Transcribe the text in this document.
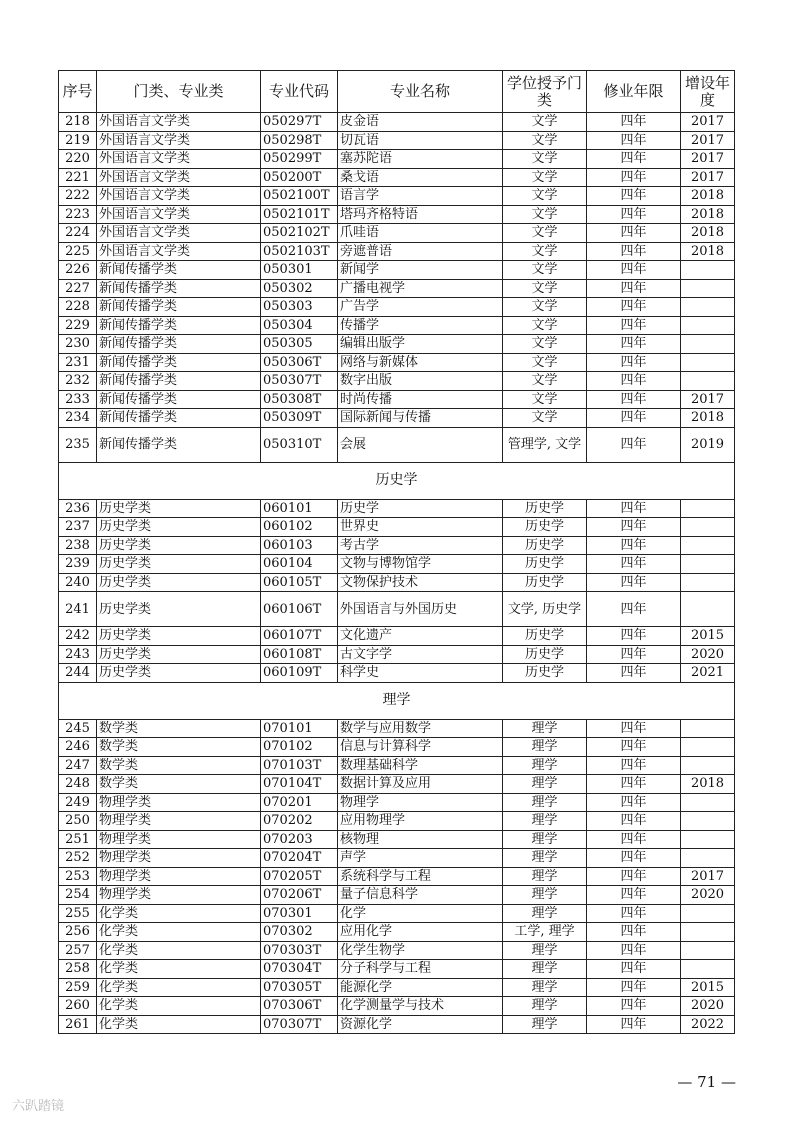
序号	门类、专业类	专业代码	专业名称	学位授予门类	修业年限	增设年度
218	外国语言文学类	050297T	皮金语	文学	四年	2017
219	外国语言文学类	050298T	切瓦语	文学	四年	2017
220	外国语言文学类	050299T	塞苏陀语	文学	四年	2017
221	外国语言文学类	050200T	桑戈语	文学	四年	2017
222	外国语言文学类	0502100T	语言学	文学	四年	2018
223	外国语言文学类	0502101T	塔玛齐格特语	文学	四年	2018
224	外国语言文学类	0502102T	爪哇语	文学	四年	2018
225	外国语言文学类	0502103T	旁遮普语	文学	四年	2018
226	新闻传播学类	050301	新闻学	文学	四年	
227	新闻传播学类	050302	广播电视学	文学	四年	
228	新闻传播学类	050303	广告学	文学	四年	
229	新闻传播学类	050304	传播学	文学	四年	
230	新闻传播学类	050305	编辑出版学	文学	四年	
231	新闻传播学类	050306T	网络与新媒体	文学	四年	
232	新闻传播学类	050307T	数字出版	文学	四年	
233	新闻传播学类	050308T	时尚传播	文学	四年	2017
234	新闻传播学类	050309T	国际新闻与传播	文学	四年	2018
235	新闻传播学类	050310T	会展	管理学, 文学	四年	2019
历史学						
236	历史学类	060101	历史学	历史学	四年	
237	历史学类	060102	世界史	历史学	四年	
238	历史学类	060103	考古学	历史学	四年	
239	历史学类	060104	文物与博物馆学	历史学	四年	
240	历史学类	060105T	文物保护技术	历史学	四年	
241	历史学类	060106T	外国语言与外国历史	文学, 历史学	四年	
242	历史学类	060107T	文化遗产	历史学	四年	2015
243	历史学类	060108T	古文字学	历史学	四年	2020
244	历史学类	060109T	科学史	历史学	四年	2021
理学						
245	数学类	070101	数学与应用数学	理学	四年	
246	数学类	070102	信息与计算科学	理学	四年	
247	数学类	070103T	数理基础科学	理学	四年	
248	数学类	070104T	数据计算及应用	理学	四年	2018
249	物理学类	070201	物理学	理学	四年	
250	物理学类	070202	应用物理学	理学	四年	
251	物理学类	070203	核物理	理学	四年	
252	物理学类	070204T	声学	理学	四年	
253	物理学类	070205T	系统科学与工程	理学	四年	2017
254	物理学类	070206T	量子信息科学	理学	四年	2020
255	化学类	070301	化学	理学	四年	
256	化学类	070302	应用化学	工学, 理学	四年	
257	化学类	070303T	化学生物学	理学	四年	
258	化学类	070304T	分子科学与工程	理学	四年	
259	化学类	070305T	能源化学	理学	四年	2015
260	化学类	070306T	化学测量学与技术	理学	四年	2020
261	化学类	070307T	资源化学	理学	四年	2022
— 71 —
六趴踏镜
